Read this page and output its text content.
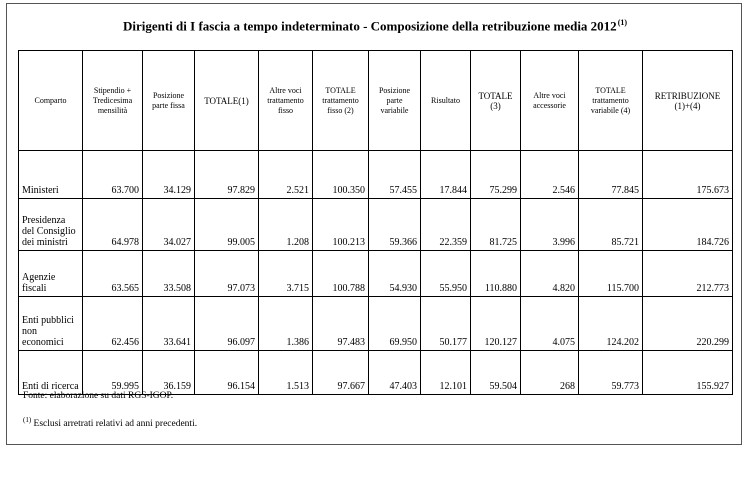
Dirigenti di I fascia a tempo indeterminato - Composizione della retribuzione media 2012$^{(1)}$
Comparto	Stipendio + Tredicesima mensilità	Posizione parte fissa	TOTALE(1)	Altre voci trattamento fisso	TOTALE trattamento fisso (2)	Posizione parte variabile	Risultato	TOTALE (3)	Altre voci accessorie	TOTALE trattamento variabile (4)	RETRIBUZIONE (1)+(4)
Ministeri	63.700	34.129	97.829	2.521	100.350	57.455	17.844	75.299	2.546	77.845	175.673
Presidenza del Consiglio dei ministri	64.978	34.027	99.005	1.208	100.213	59.366	22.359	81.725	3.996	85.721	184.726
Agenzie fiscali	63.565	33.508	97.073	3.715	100.788	54.930	55.950	110.880	4.820	115.700	212.773
Enti pubblici non economici	62.456	33.641	96.097	1.386	97.483	69.950	50.177	120.127	4.075	124.202	220.299
Enti di ricerca	59.995	36.159	96.154	1.513	97.667	47.403	12.101	59.504	268	59.773	155.927
Fonte: elaborazione su dati RGS-IGOP.
$^{(1)}$ Esclusi arretrati relativi ad anni precedenti.
